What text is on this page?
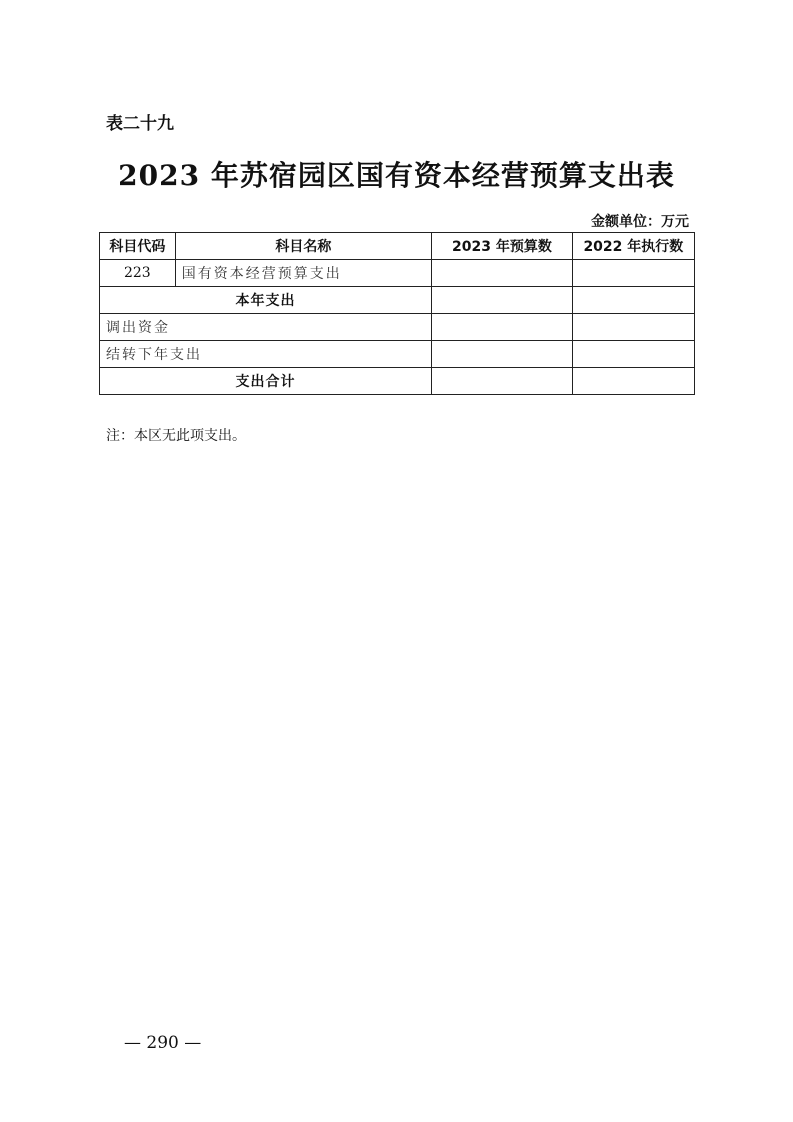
表二十九
2023 年苏宿园区国有资本经营预算支出表
金额单位：万元
科目代码	科目名称	2023 年预算数	2022 年执行数
223	国有资本经营预算支出		
本年支出			
调出资金			
结转下年支出			
支出合计			
注：本区无此项支出。
— 290 —
